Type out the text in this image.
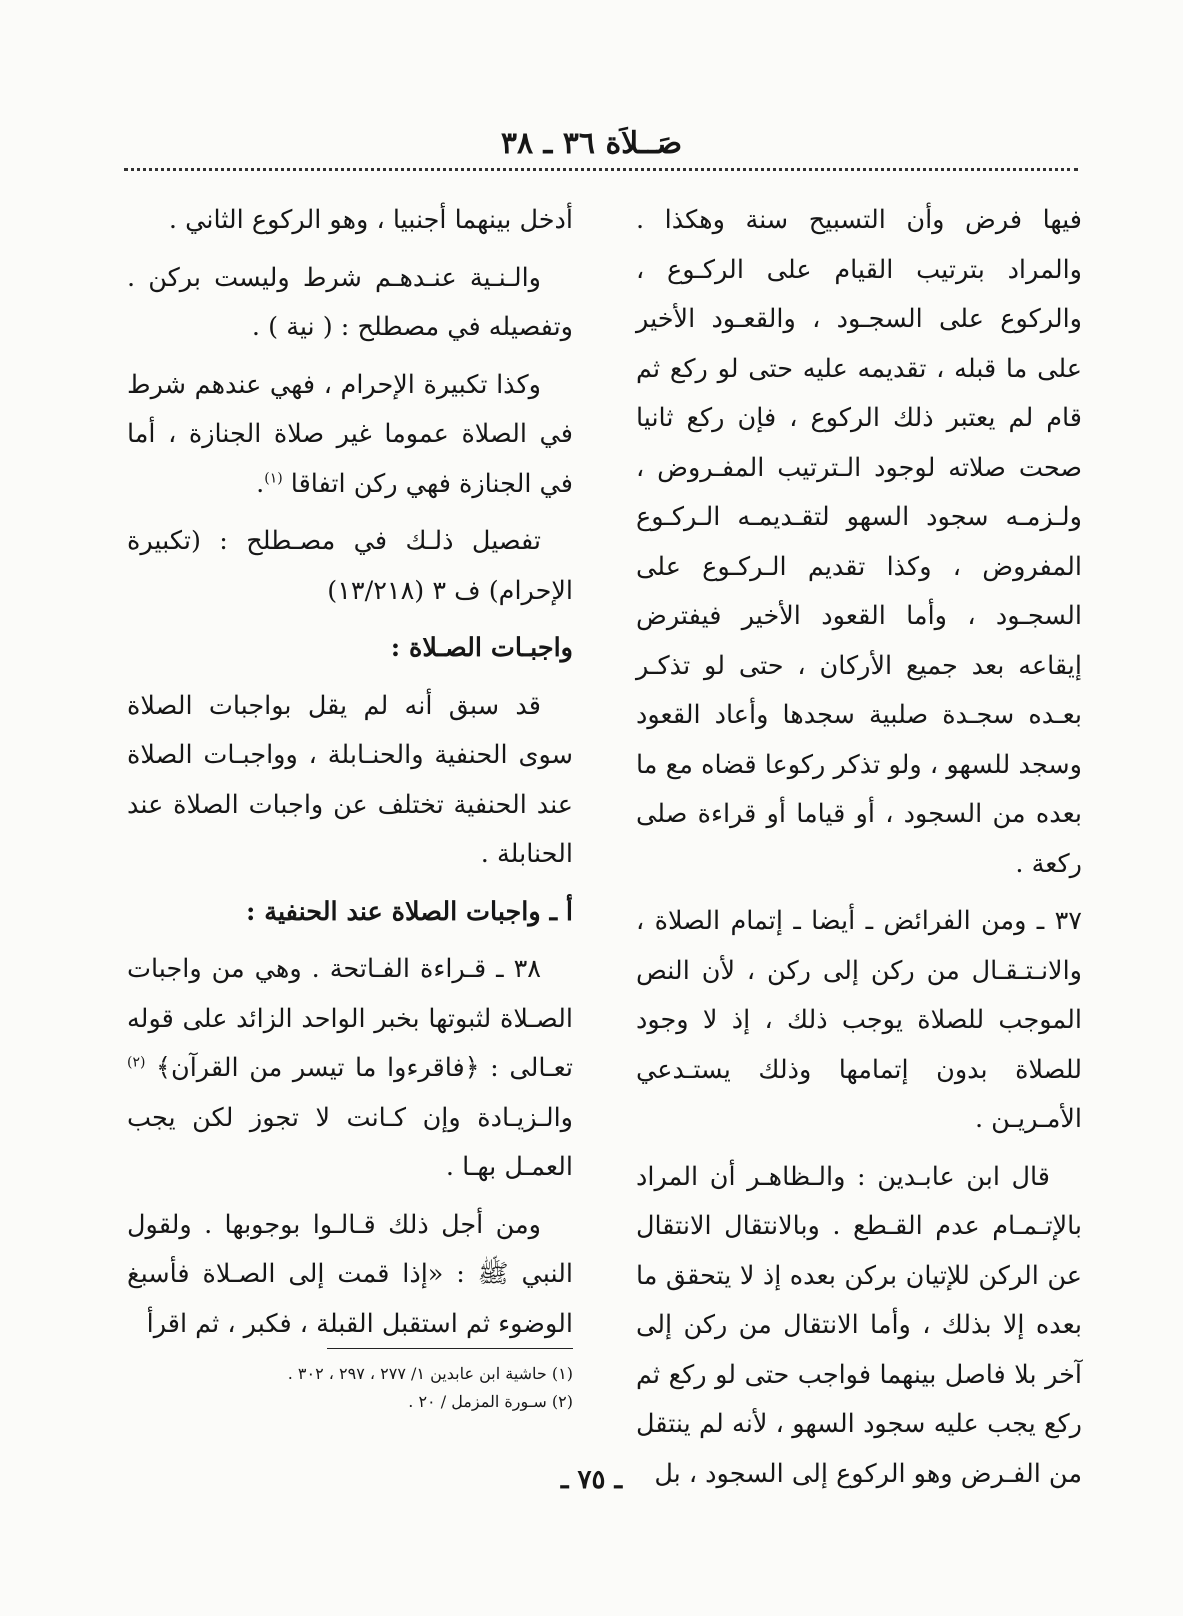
صَــلاَة ٣٦ ـ ٣٨

فيها فرض وأن التسبيح سنة وهكذا . والمراد بترتيب القيام على الركـوع ، والركوع على السجـود ، والقعـود الأخير على ما قبله ، تقديمه عليه حتى لو ركع ثم قام لم يعتبر ذلك الركوع ، فإن ركع ثانيا صحت صلاته لوجود الـترتيب المفـروض ، ولـزمـه سجود السهو لتقـديمـه الـركـوع المفروض ، وكذا تقديم الـركـوع على السجـود ، وأما القعود الأخير فيفترض إيقاعه بعد جميع الأركان ، حتى لو تذكـر بعـده سجـدة صلبية سجدها وأعاد القعود وسجد للسهو ، ولو تذكر ركوعا قضاه مع ما بعده من السجود ، أو قياما أو قراءة صلى ركعة .

٣٧ ـ ومن الفرائض ـ أيضا ـ إتمام الصلاة ، والانـتـقـال من ركن إلى ركن ، لأن النص الموجب للصلاة يوجب ذلك ، إذ لا وجود للصلاة بدون إتمامها وذلك يستـدعي الأمـريـن .

قال ابن عابـدين : والـظاهـر أن المراد بالإتـمـام عدم القـطع . وبالانتقال الانتقال عن الركن للإتيان بركن بعده إذ لا يتحقق ما بعده إلا بذلك ، وأما الانتقال من ركن إلى آخر بلا فاصل بينهما فواجب حتى لو ركع ثم ركع يجب عليه سجود السهو ، لأنه لم ينتقل من الفـرض وهو الركوع إلى السجود ، بل

أدخل بينهما أجنبيا ، وهو الركوع الثاني .

والـنـية عنـدهـم شرط وليست بركن . وتفصيله في مصطلح : ( نية ) .

وكذا تكبيرة الإحرام ، فهي عندهم شرط في الصلاة عموما غير صلاة الجنازة ، أما في الجنازة فهي ركن اتفاقا $^{(١)}$.

تفصيل ذلـك في مصـطلح : (تكبيرة الإحرام) ف ٣ (١٣/٢١٨)

واجبـات الصـلاة :

قد سبق أنه لم يقل بواجبات الصلاة سوى الحنفية والحنـابلة ، وواجبـات الصلاة عند الحنفية تختلف عن واجبات الصلاة عند الحنابلة .

أ ـ واجبات الصلاة عند الحنفية :

٣٨ ـ قـراءة الفـاتحة . وهي من واجبات الصـلاة لثبوتها بخبر الواحد الزائد على قوله تعـالى : ﴿فاقرءوا ما تيسر من القرآن﴾ $^{(٢)}$ والـزيـادة وإن كـانت لا تجوز لكن يجب العمـل بهـا .

ومن أجل ذلك قـالـوا بوجوبها . ولقول النبي ﷺ : «إذا قمت إلى الصـلاة فأسبغ الوضوء ثم استقبل القبلة ، فكبر ، ثم اقرأ

(١) حاشية ابن عابدين ١/ ٢٧٧ ، ٢٩٧ ، ٣٠٢ .
(٢) سـورة المزمل / ٢٠ .
ـ ٧٥ ـ
